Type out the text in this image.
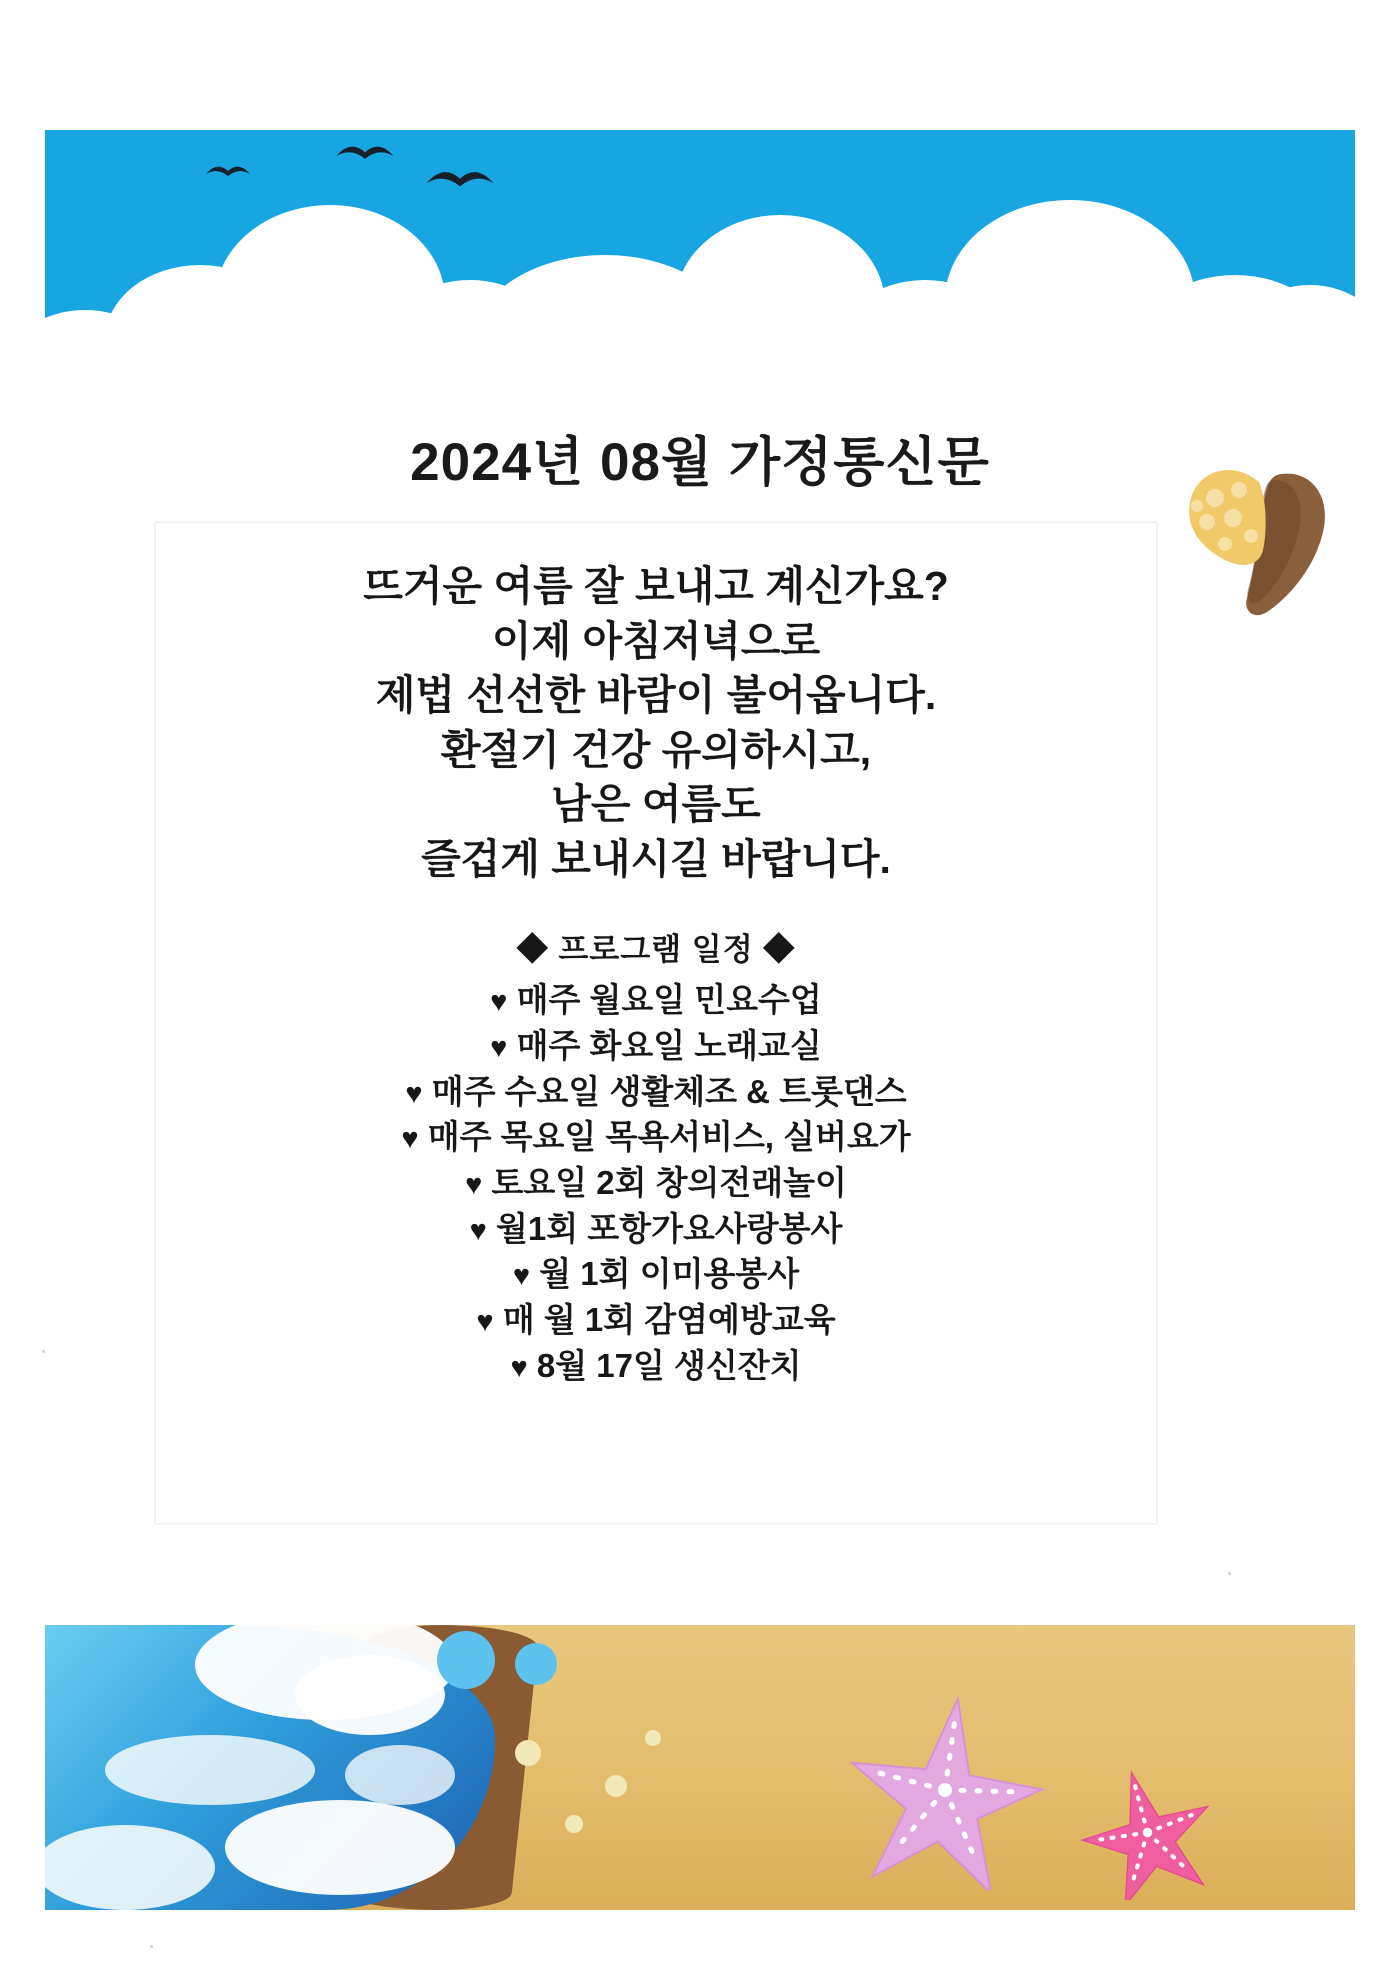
2024년 08월 가정통신문
뜨거운 여름 잘 보내고 계신가요?
이제 아침저녁으로
제법 선선한 바람이 불어옵니다.
환절기 건강 유의하시고,
남은 여름도
즐겁게 보내시길 바랍니다.
◆ 프로그램 일정 ◆
♥ 매주 월요일 민요수업
♥ 매주 화요일 노래교실
♥ 매주 수요일 생활체조 & 트롯댄스
♥ 매주 목요일 목욕서비스, 실버요가
♥ 토요일 2회 창의전래놀이
♥ 월1회 포항가요사랑봉사
♥ 월 1회 이미용봉사
♥ 매 월 1회 감염예방교육
♥ 8월 17일 생신잔치
